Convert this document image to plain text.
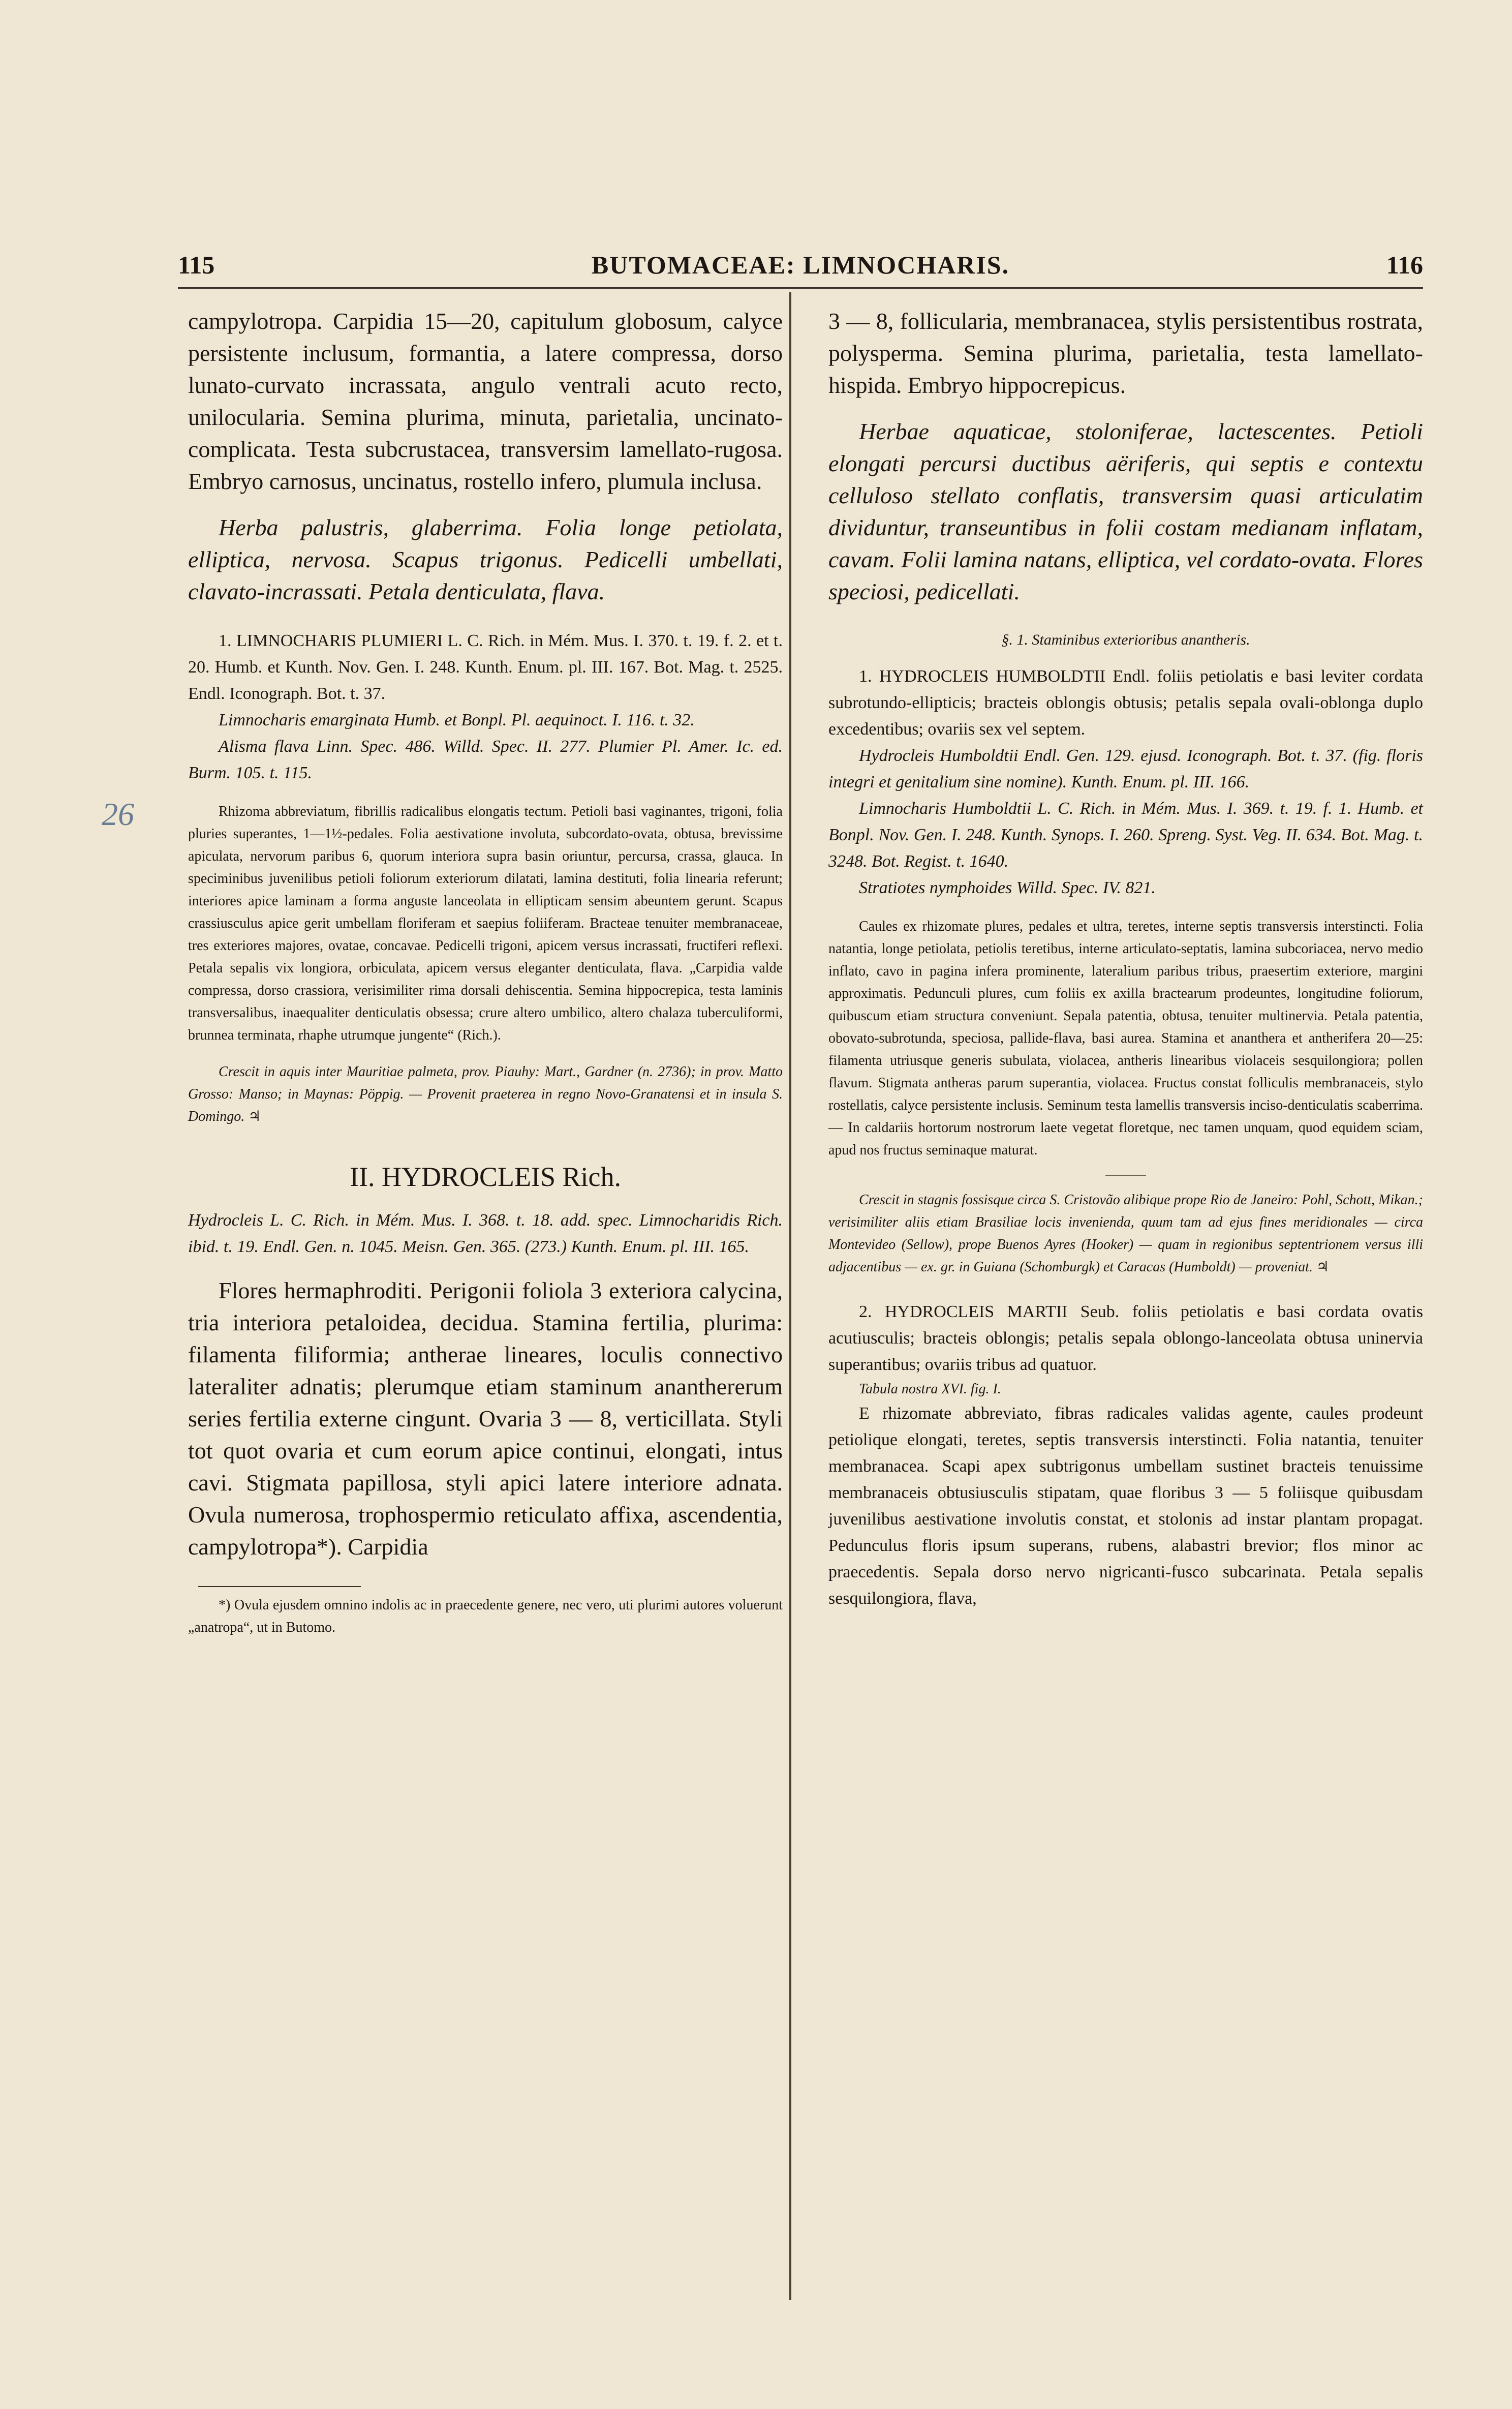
115	BUTOMACEAE: LIMNOCHARIS.	116
26

campylotropa. Carpidia 15—20, capitulum globosum, calyce persistente inclusum, formantia, a latere compressa, dorso lunato-curvato incrassata, angulo ventrali acuto recto, unilocularia. Semina plurima, minuta, parietalia, uncinato-complicata. Testa subcrustacea, transversim lamellato-rugosa. Embryo carnosus, uncinatus, rostello infero, plumula inclusa.

Herba palustris, glaberrima. Folia longe petiolata, elliptica, nervosa. Scapus trigonus. Pedicelli umbellati, clavato-incrassati. Petala denticulata, flava.

1. LIMNOCHARIS PLUMIERI L. C. Rich. in Mém. Mus. I. 370. t. 19. f. 2. et t. 20. Humb. et Kunth. Nov. Gen. I. 248. Kunth. Enum. pl. III. 167. Bot. Mag. t. 2525. Endl. Iconograph. Bot. t. 37.

Limnocharis emarginata Humb. et Bonpl. Pl. aequinoct. I. 116. t. 32.

Alisma flava Linn. Spec. 486. Willd. Spec. II. 277. Plumier Pl. Amer. Ic. ed. Burm. 105. t. 115.

Rhizoma abbreviatum, fibrillis radicalibus elongatis tectum. Petioli basi vaginantes, trigoni, folia pluries superantes, 1—1½-pedales. Folia aestivatione involuta, subcordato-ovata, obtusa, brevissime apiculata, nervorum paribus 6, quorum interiora supra basin oriuntur, percursa, crassa, glauca. In speciminibus juvenilibus petioli foliorum exteriorum dilatati, lamina destituti, folia linearia referunt; interiores apice laminam a forma anguste lanceolata in ellipticam sensim abeuntem gerunt. Scapus crassiusculus apice gerit umbellam floriferam et saepius foliiferam. Bracteae tenuiter membranaceae, tres exteriores majores, ovatae, concavae. Pedicelli trigoni, apicem versus incrassati, fructiferi reflexi. Petala sepalis vix longiora, orbiculata, apicem versus eleganter denticulata, flava. „Carpidia valde compressa, dorso crassiora, verisimiliter rima dorsali dehiscentia. Semina hippocrepica, testa laminis transversalibus, inaequaliter denticulatis obsessa; crure altero umbilico, altero chalaza tuberculiformi, brunnea terminata, rhaphe utrumque jungente“ (Rich.).

Crescit in aquis inter Mauritiae palmeta, prov. Piauhy: Mart., Gardner (n. 2736); in prov. Matto Grosso: Manso; in Maynas: Pöppig. — Provenit praeterea in regno Novo-Granatensi et in insula S. Domingo. ♃

II. HYDROCLEIS Rich.

Hydrocleis L. C. Rich. in Mém. Mus. I. 368. t. 18. add. spec. Limnocharidis Rich. ibid. t. 19. Endl. Gen. n. 1045. Meisn. Gen. 365. (273.) Kunth. Enum. pl. III. 165.

Flores hermaphroditi. Perigonii foliola 3 exteriora calycina, tria interiora petaloidea, decidua. Stamina fertilia, plurima: filamenta filiformia; antherae lineares, loculis connectivo lateraliter adnatis; plerumque etiam staminum ananthererum series fertilia externe cingunt. Ovaria 3 — 8, verticillata. Styli tot quot ovaria et cum eorum apice continui, elongati, intus cavi. Stigmata papillosa, styli apici latere interiore adnata. Ovula numerosa, trophospermio reticulato affixa, ascendentia, campylotropa*). Carpidia

*) Ovula ejusdem omnino indolis ac in praecedente genere, nec vero, uti plurimi autores voluerunt „anatropa“, ut in Butomo.

3 — 8, follicularia, membranacea, stylis persistentibus rostrata, polysperma. Semina plurima, parietalia, testa lamellato-hispida. Embryo hippocrepicus.

Herbae aquaticae, stoloniferae, lactescentes. Petioli elongati percursi ductibus aëriferis, qui septis e contextu celluloso stellato conflatis, transversim quasi articulatim dividuntur, transeuntibus in folii costam medianam inflatam, cavam. Folii lamina natans, elliptica, vel cordato-ovata. Flores speciosi, pedicellati.

§. 1. Staminibus exterioribus anantheris.

1. HYDROCLEIS HUMBOLDTII Endl. foliis petiolatis e basi leviter cordata subrotundo-ellipticis; bracteis oblongis obtusis; petalis sepala ovali-oblonga duplo excedentibus; ovariis sex vel septem.

Hydrocleis Humboldtii Endl. Gen. 129. ejusd. Iconograph. Bot. t. 37. (fig. floris integri et genitalium sine nomine). Kunth. Enum. pl. III. 166.

Limnocharis Humboldtii L. C. Rich. in Mém. Mus. I. 369. t. 19. f. 1. Humb. et Bonpl. Nov. Gen. I. 248. Kunth. Synops. I. 260. Spreng. Syst. Veg. II. 634. Bot. Mag. t. 3248. Bot. Regist. t. 1640.

Stratiotes nymphoides Willd. Spec. IV. 821.

Caules ex rhizomate plures, pedales et ultra, teretes, interne septis transversis interstincti. Folia natantia, longe petiolata, petiolis teretibus, interne articulato-septatis, lamina subcoriacea, nervo medio inflato, cavo in pagina infera prominente, lateralium paribus tribus, praesertim exteriore, margini approximatis. Pedunculi plures, cum foliis ex axilla bractearum prodeuntes, longitudine foliorum, quibuscum etiam structura conveniunt. Sepala patentia, obtusa, tenuiter multinervia. Petala patentia, obovato-subrotunda, speciosa, pallide-flava, basi aurea. Stamina et ananthera et antherifera 20—25: filamenta utriusque generis subulata, violacea, antheris linearibus violaceis sesquilongiora; pollen flavum. Stigmata antheras parum superantia, violacea. Fructus constat folliculis membranaceis, stylo rostellatis, calyce persistente inclusis. Seminum testa lamellis transversis inciso-denticulatis scaberrima. — In caldariis hortorum nostrorum laete vegetat floretque, nec tamen unquam, quod equidem sciam, apud nos fructus seminaque maturat.

Crescit in stagnis fossisque circa S. Cristovão alibique prope Rio de Janeiro: Pohl, Schott, Mikan.; verisimiliter aliis etiam Brasiliae locis invenienda, quum tam ad ejus fines meridionales — circa Montevideo (Sellow), prope Buenos Ayres (Hooker) — quam in regionibus septentrionem versus illi adjacentibus — ex. gr. in Guiana (Schomburgk) et Caracas (Humboldt) — proveniat. ♃

2. HYDROCLEIS MARTII Seub. foliis petiolatis e basi cordata ovatis acutiusculis; bracteis oblongis; petalis sepala oblongo-lanceolata obtusa uninervia superantibus; ovariis tribus ad quatuor.

Tabula nostra XVI. fig. I.

E rhizomate abbreviato, fibras radicales validas agente, caules prodeunt petiolique elongati, teretes, septis transversis interstincti. Folia natantia, tenuiter membranacea. Scapi apex subtrigonus umbellam sustinet bracteis tenuissime membranaceis obtusiusculis stipatam, quae floribus 3 — 5 foliisque quibusdam juvenilibus aestivatione involutis constat, et stolonis ad instar plantam propagat. Pedunculus floris ipsum superans, rubens, alabastri brevior; flos minor ac praecedentis. Sepala dorso nervo nigricanti-fusco subcarinata. Petala sepalis sesquilongiora, flava,
